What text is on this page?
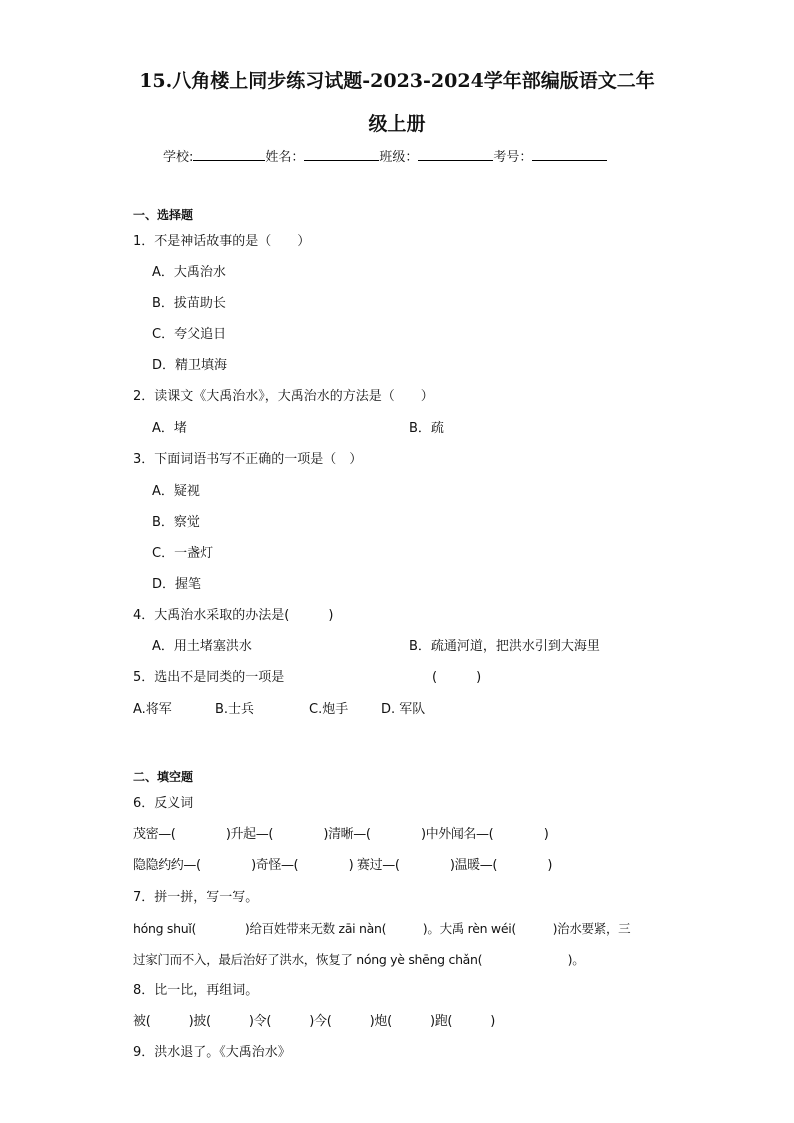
15.八角楼上同步练习试题-2023-2024学年部编版语文二年
级上册
学校:	姓名：	班级：	考号：
一、选择题
1．不是神话故事的是（　　）
A．大禹治水
B．拔苗助长
C．夸父追日
D．精卫填海
2．读课文《大禹治水》，大禹治水的方法是（　　）
A．堵	B．疏
3．下面词语书写不正确的一项是（　）
A．疑视
B．察觉
C．一盏灯
D．握笔
4．大禹治水采取的办法是(　　　)
A．用土堵塞洪水	B．疏通河道，把洪水引到大海里
5．选出不是同类的一项是	(　　　)
A.将军	B.士兵	C.炮手	D. 军队
二、填空题
6．反义词
茂密—(　　　　)升起—(　　　　)清晰—(　　　　)中外闻名—(　　　　)
隐隐约约—(　　　　)奇怪—(　　　　) 赛过—(　　　　)温暖—(　　　　)
7．拼一拼，写一写。
hóng shuǐ(　　　　)给百姓带来无数 zāi nàn(　　　)。大禹 rèn wéi(　　　)治水要紧，三
过家门而不入，最后治好了洪水，恢复了 nóng yè shēng chǎn(　　　　　　　)。
8．比一比，再组词。
被(　　　)披(　　　)令(　　　)今(　　　)炮(　　　)跑(　　　)
9．洪水退了。《大禹治水》
